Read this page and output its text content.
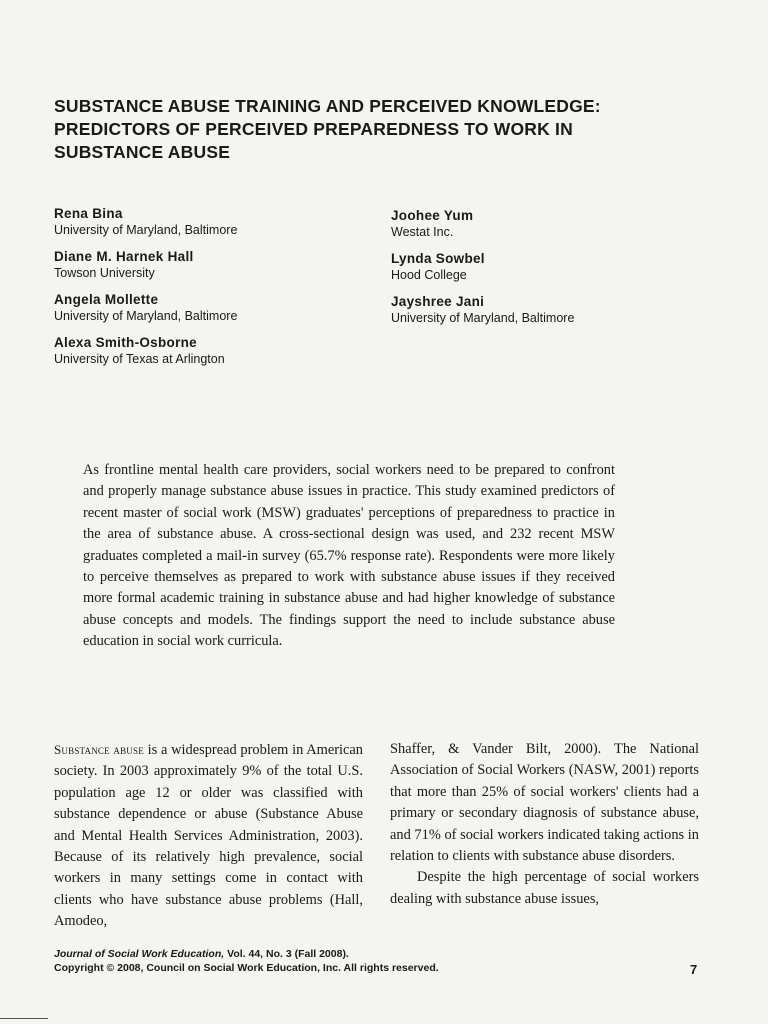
SUBSTANCE ABUSE TRAINING AND PERCEIVED KNOWLEDGE:
PREDICTORS OF PERCEIVED PREPAREDNESS TO WORK IN
SUBSTANCE ABUSE
Rena Bina
University of Maryland, Baltimore
Diane M. Harnek Hall
Towson University
Angela Mollette
University of Maryland, Baltimore
Alexa Smith-Osborne
University of Texas at Arlington
Joohee Yum
Westat Inc.
Lynda Sowbel
Hood College
Jayshree Jani
University of Maryland, Baltimore

As frontline mental health care providers, social workers need to be prepared to confront and properly manage substance abuse issues in practice. This study examined predictors of recent master of social work (MSW) graduates' perceptions of preparedness to practice in the area of substance abuse. A cross-sectional design was used, and 232 recent MSW graduates completed a mail-in survey (65.7% response rate). Respondents were more likely to perceive themselves as prepared to work with substance abuse issues if they received more formal academic training in substance abuse and had higher knowledge of substance abuse concepts and models. The findings support the need to include substance abuse education in social work curricula.

Substance abuse is a widespread problem in American society. In 2003 approximately 9% of the total U.S. population age 12 or older was classified with substance dependence or abuse (Substance Abuse and Mental Health Services Administration, 2003). Because of its relatively high prevalence, social workers in many settings come in contact with clients who have substance abuse problems (Hall, Amodeo,

Shaffer, & Vander Bilt, 2000). The National Association of Social Workers (NASW, 2001) reports that more than 25% of social workers' clients had a primary or secondary diagnosis of substance abuse, and 71% of social workers indicated taking actions in relation to clients with substance abuse disorders.
Despite the high percentage of social workers dealing with substance abuse issues,
Journal of Social Work Education, Vol. 44, No. 3 (Fall 2008).
Copyright © 2008, Council on Social Work Education, Inc. All rights reserved.	7
